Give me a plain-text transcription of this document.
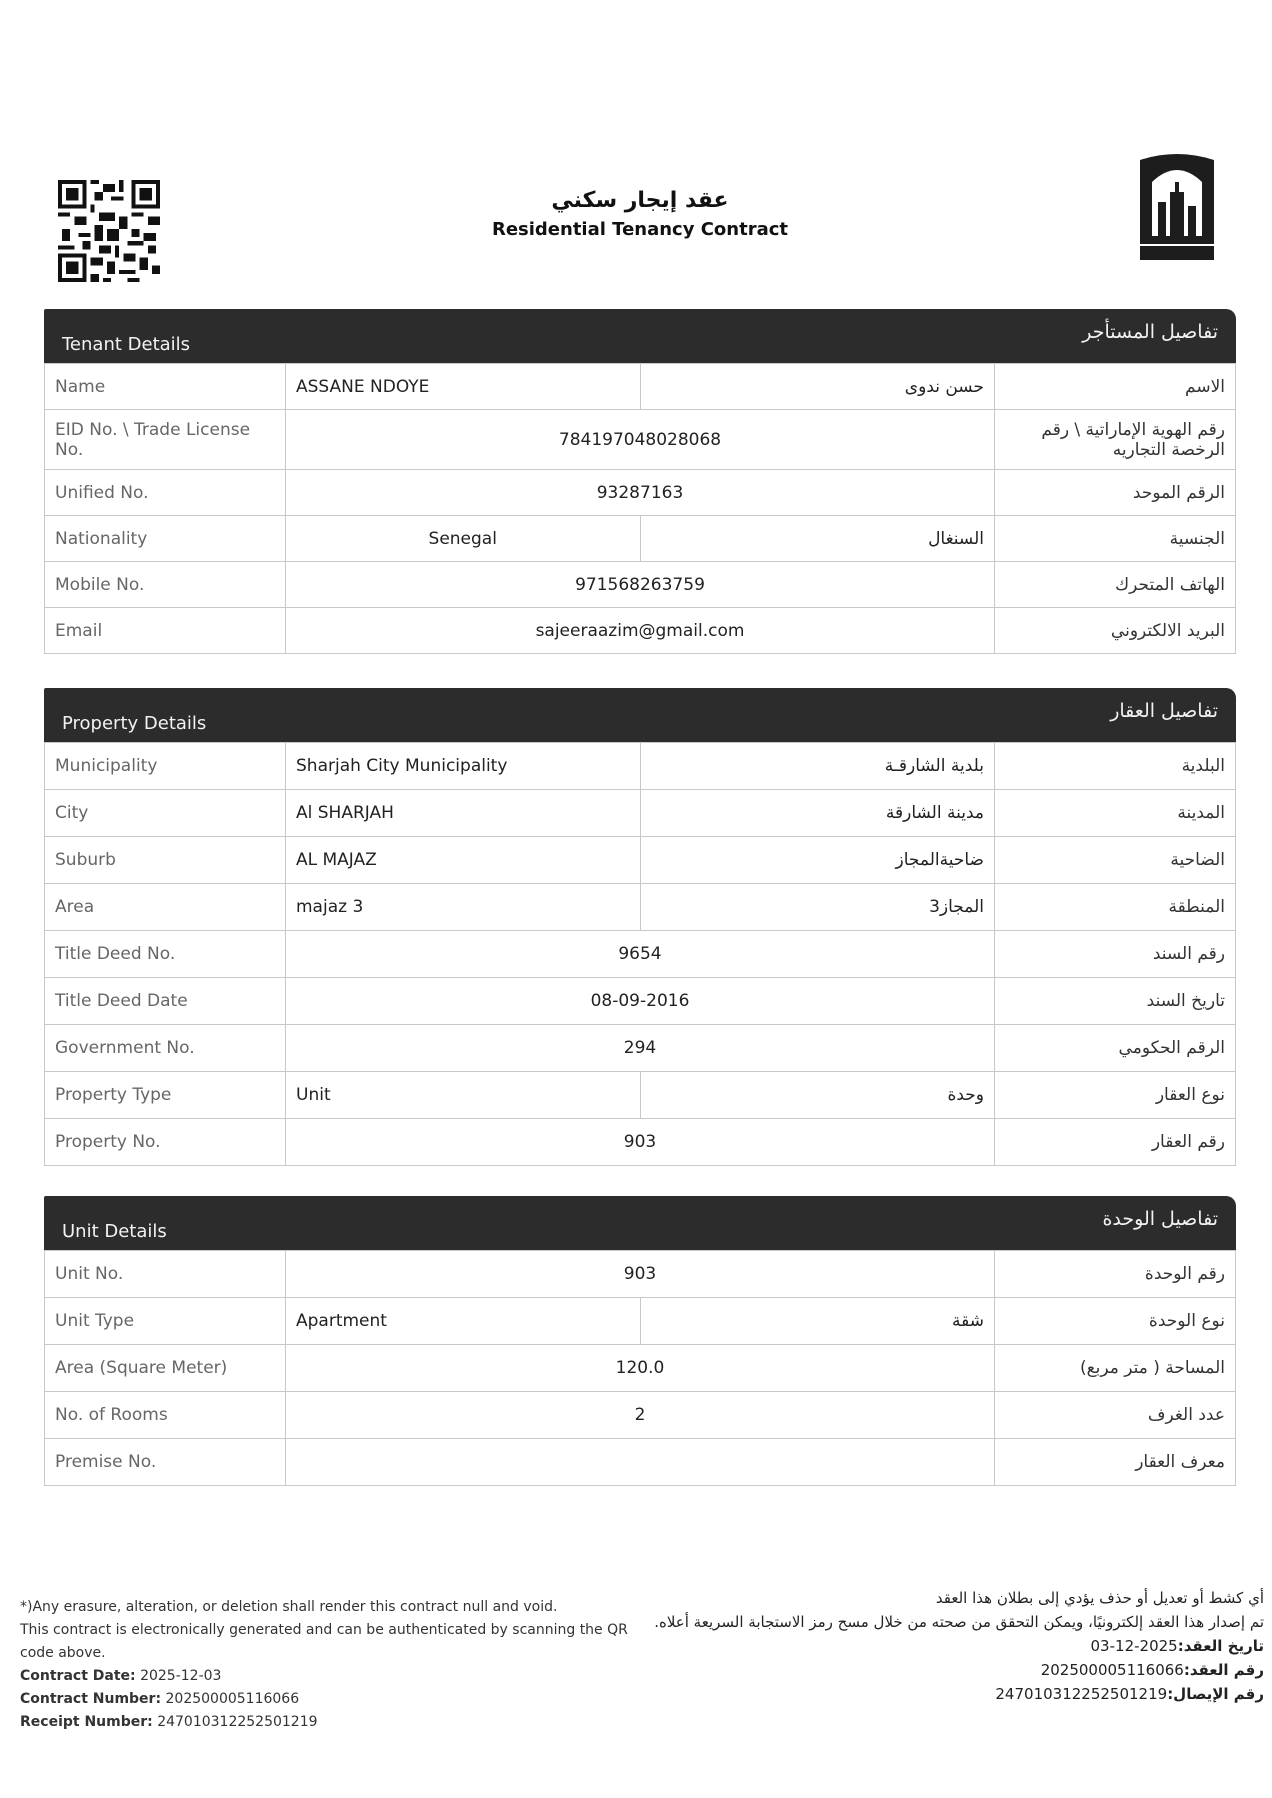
عقد إيجار سكني
Residential Tenancy Contract
Tenant Details
تفاصيل المستأجر
Name	ASSANE NDOYE	حسن ندوى	الاسم
EID No. \ Trade License No.	784197048028068		رقم الهوية الإماراتية \ رقم الرخصة التجاريه
Unified No.	93287163		الرقم الموحد
Nationality	Senegal	السنغال	الجنسية
Mobile No.	971568263759		الهاتف المتحرك
Email	sajeeraazim@gmail.com		البريد الالكتروني
Property Details
تفاصيل العقار
Municipality	Sharjah City Municipality	بلدية الشارقـة	البلدية
City	Al SHARJAH	مدينة الشارقة	المدينة
Suburb	AL MAJAZ	ضاحيةالمجاز	الضاحية
Area	majaz 3	المجاز3	المنطقة
Title Deed No.	9654		رقم السند
Title Deed Date	08-09-2016		تاريخ السند
Government No.	294		الرقم الحكومي
Property Type	Unit	وحدة	نوع العقار
Property No.	903		رقم العقار
Unit Details
تفاصيل الوحدة
Unit No.	903		رقم الوحدة
Unit Type	Apartment	شقة	نوع الوحدة
Area (Square Meter)	120.0		المساحة ( متر مربع)
No. of Rooms	2		عدد الغرف
Premise No.			معرف العقار
*)Any erasure, alteration, or deletion shall render this contract null and void.
This contract is electronically generated and can be authenticated by scanning the QR code above.
Contract Date: 2025-12-03
Contract Number: 202500005116066
Receipt Number: 247010312252501219
أي كشط أو تعديل أو حذف يؤدي إلى بطلان هذا العقد
تم إصدار هذا العقد إلكترونيًا، ويمكن التحقق من صحته من خلال مسح رمز الاستجابة السريعة أعلاه.
تاريخ العقد:2025-12-03
رقم العقد:202500005116066
رقم الإيصال:247010312252501219
